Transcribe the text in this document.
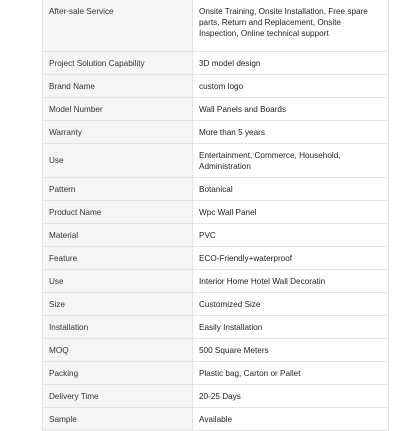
After-sale Service	Onsite Training, Onsite Installation, Free spare parts, Return and Replacement, Onsite Inspection, Online technical support
Project Solution Capability	3D model design
Brand Name	custom logo
Model Number	Wall Panels and Boards
Warranty	More than 5 years
Use	Entertainment, Commerce, Household, Administration
Pattern	Botanical
Product Name	Wpc Wall Panel
Material	PVC
Feature	ECO-Friendly+waterproof
Use	Interior Home Hotel Wall Decoratin
Size	Customized Size
Installation	Easily Installation
MOQ	500 Square Meters
Packing	Plastic bag, Carton or Pallet
Delivery Time	20-25 Days
Sample	Available
